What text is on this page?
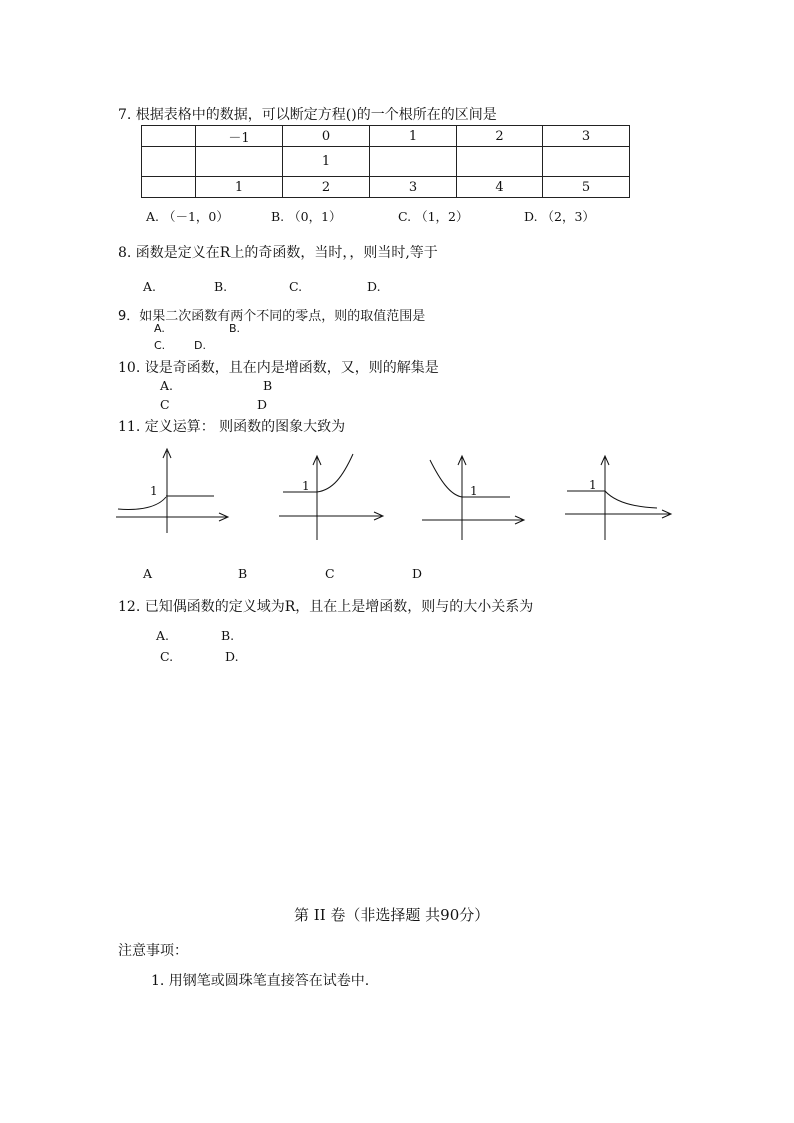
7. 根据表格中的数据，可以断定方程()的一个根所在的区间是
	－1	0	1	2	3
		1			
	1	2	3	4	5
A. （－1，0）	B. （0，1）	C. （1，2）	D. （2，3）
8. 函数是定义在R上的奇函数，当时，，则当时,等于
A.	B.	C.	D.
9．如果二次函数有两个不同的零点，则的取值范围是
A.	B.
C.	D.
10. 设是奇函数，且在内是增函数，又，则的解集是
A.	B
C	D
11. 定义运算： 则函数的图象大致为
1	1	1	1
A	B	C	D
12. 已知偶函数的定义域为R，且在上是增函数，则与的大小关系为
A.	B.
C.	D.
第 II 卷（非选择题 共90分）
注意事项：
1. 用钢笔或圆珠笔直接答在试卷中.
